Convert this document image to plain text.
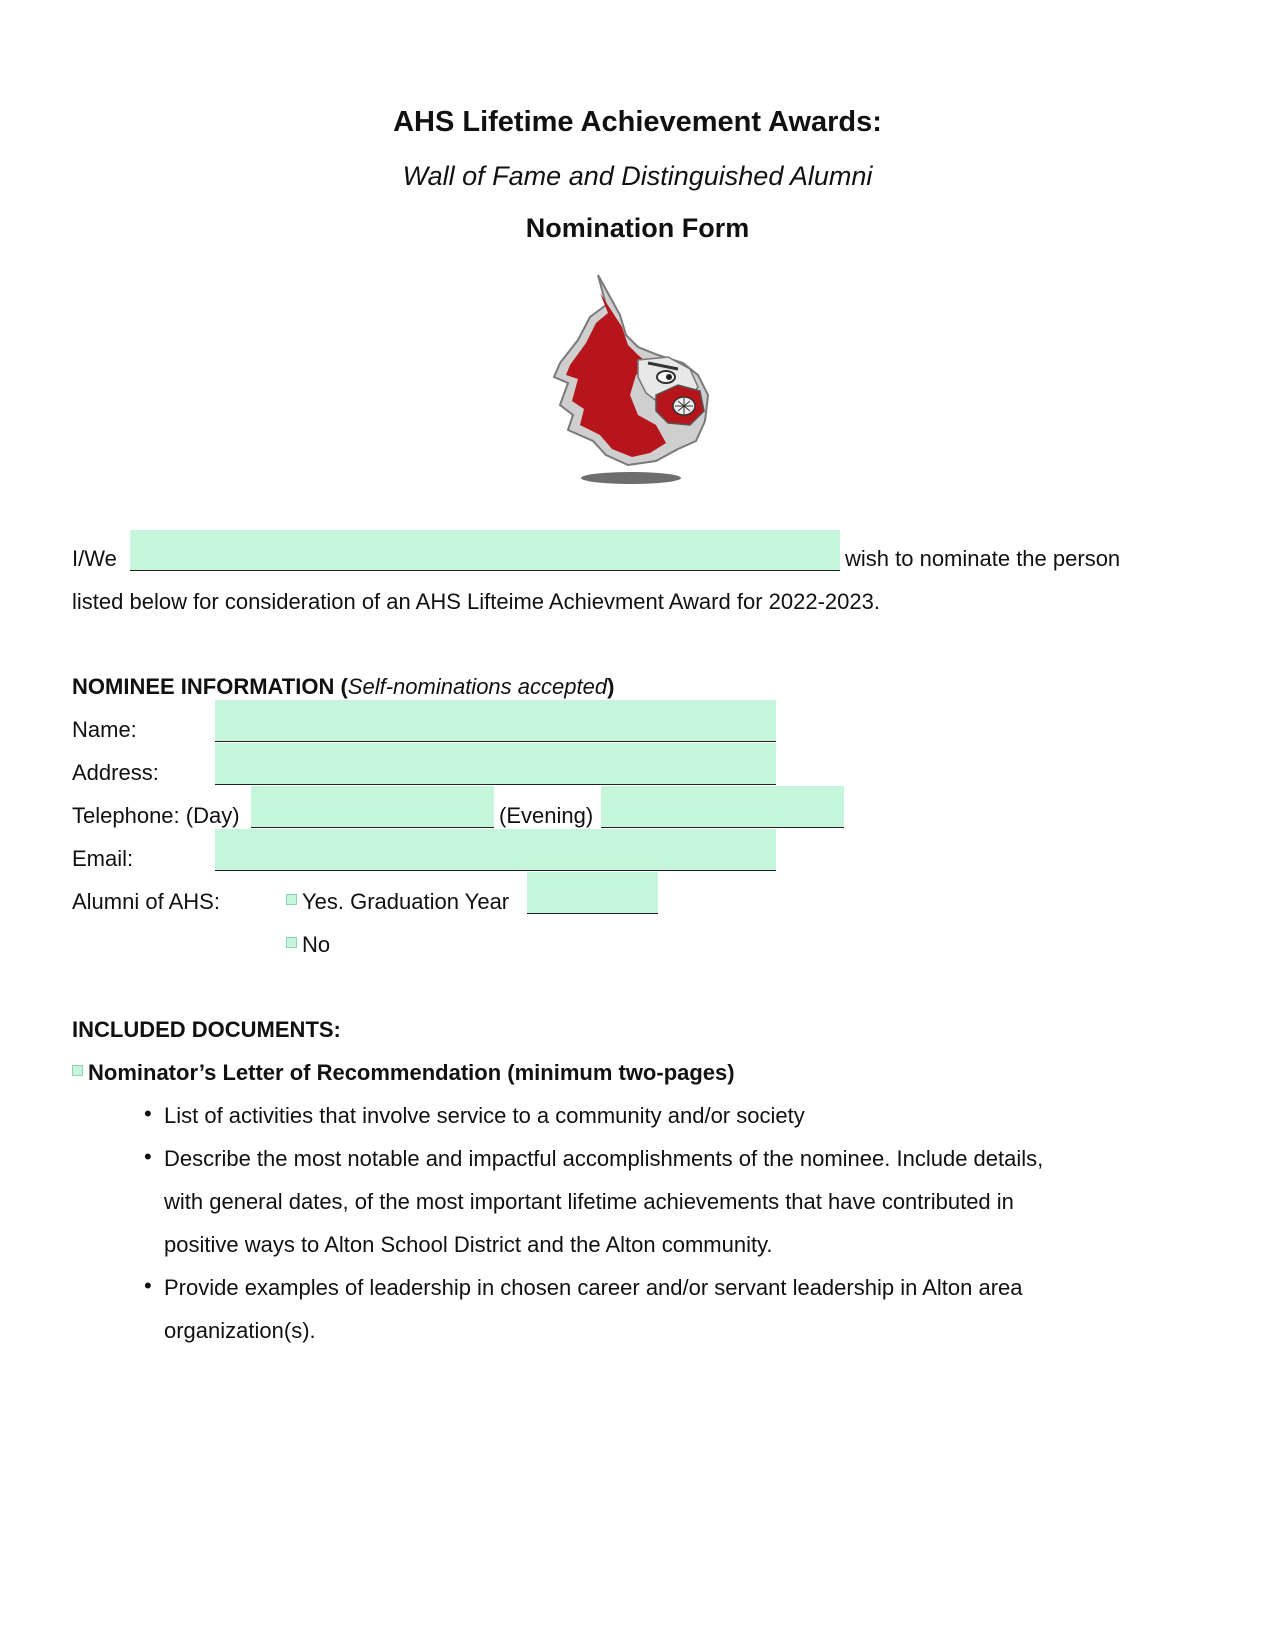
AHS Lifetime Achievement Awards:
Wall of Fame and Distinguished Alumni
Nomination Form
I/We	wish to nominate the person
listed below for consideration of an AHS Lifteime Achievment Award for 2022-2023.
NOMINEE INFORMATION (Self-nominations accepted)
Name:
Address:
Telephone: (Day)	(Evening)
Email:
Alumni of AHS:	Yes. Graduation Year
No
INCLUDED DOCUMENTS:
Nominator’s Letter of Recommendation (minimum two-pages)
• List of activities that involve service to a community and/or society
• Describe the most notable and impactful accomplishments of the nominee. Include details,
with general dates, of the most important lifetime achievements that have contributed in
positive ways to Alton School District and the Alton community.
• Provide examples of leadership in chosen career and/or servant leadership in Alton area
organization(s).
